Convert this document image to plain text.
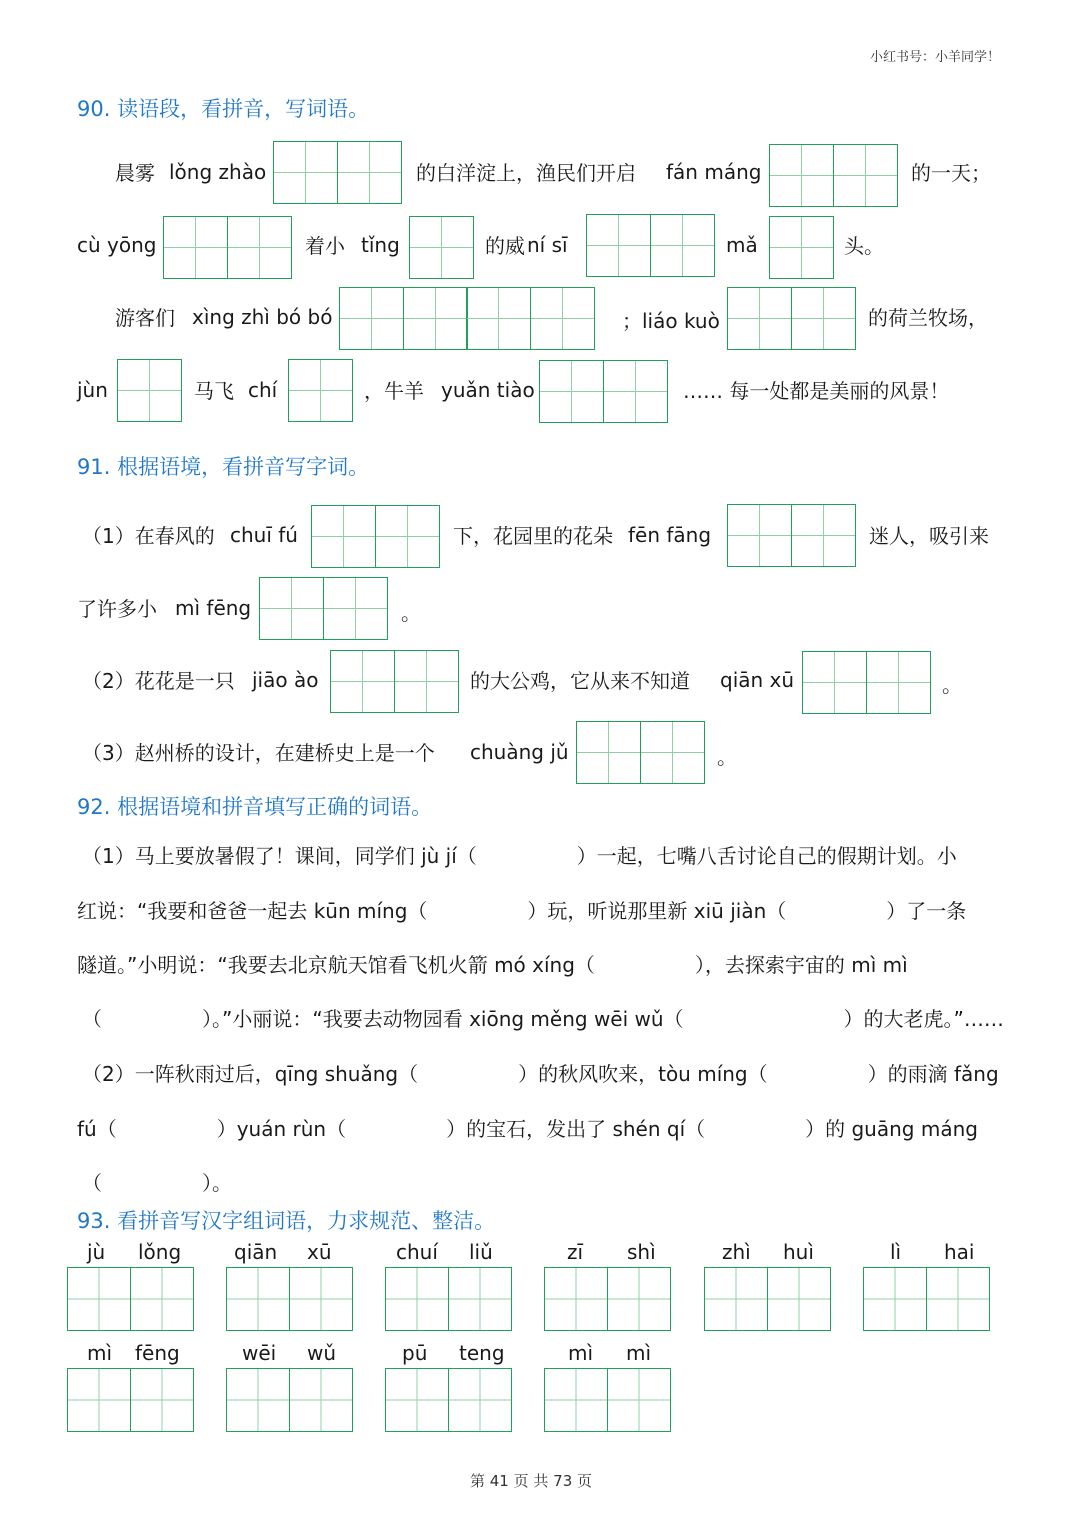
小红书号：小羊同学！
90. 读语段，看拼音，写词语。
晨雾 lǒng zhào	的白洋淀上，渔民们开启 fán máng	的一天；
cù yōng	着小 tǐng	的威 ní sī	mǎ	头。
游客们 xìng zhì bó bó	；liáo kuò	的荷兰牧场，
jùn	马飞 chí	，牛羊 yuǎn tiào	…… 每一处都是美丽的风景！
91. 根据语境，看拼音写字词。
（1）在春风的 chuī fú	下，花园里的花朵 fēn fāng	迷人，吸引来
了许多小 mì fēng	。
（2）花花是一只 jiāo ào	的大公鸡，它从来不知道 qiān xū	。
（3）赵州桥的设计，在建桥史上是一个 chuàng jǔ	。
92. 根据语境和拼音填写正确的词语。
（1）马上要放暑假了！课间，同学们 jù jí（　　　　　）一起，七嘴八舌讨论自己的假期计划。小
红说：“我要和爸爸一起去 kūn míng（　　　　　）玩，听说那里新 xiū jiàn（　　　　　）了一条
隧道。”小明说：“我要去北京航天馆看飞机火箭 mó xíng（　　　　　），去探索宇宙的 mì mì
（　　　　　）。”小丽说：“我要去动物园看 xiōng měng wēi wǔ（　　　　　　　　）的大老虎。”……
（2）一阵秋雨过后，qīng shuǎng（　　　　　）的秋风吹来，tòu míng（　　　　　）的雨滴 fǎng
fú（　　　　　）yuán rùn（　　　　　）的宝石，发出了 shén qí（　　　　　）的 guāng máng
（　　　　　）。
93. 看拼音写汉字组词语，力求规范、整洁。
jù lǒng	qiān xū	chuí liǔ	zī shì	zhì huì	lì hai
mì fēng	wēi wǔ	pū teng	mì mì
第 41 页 共 73 页
